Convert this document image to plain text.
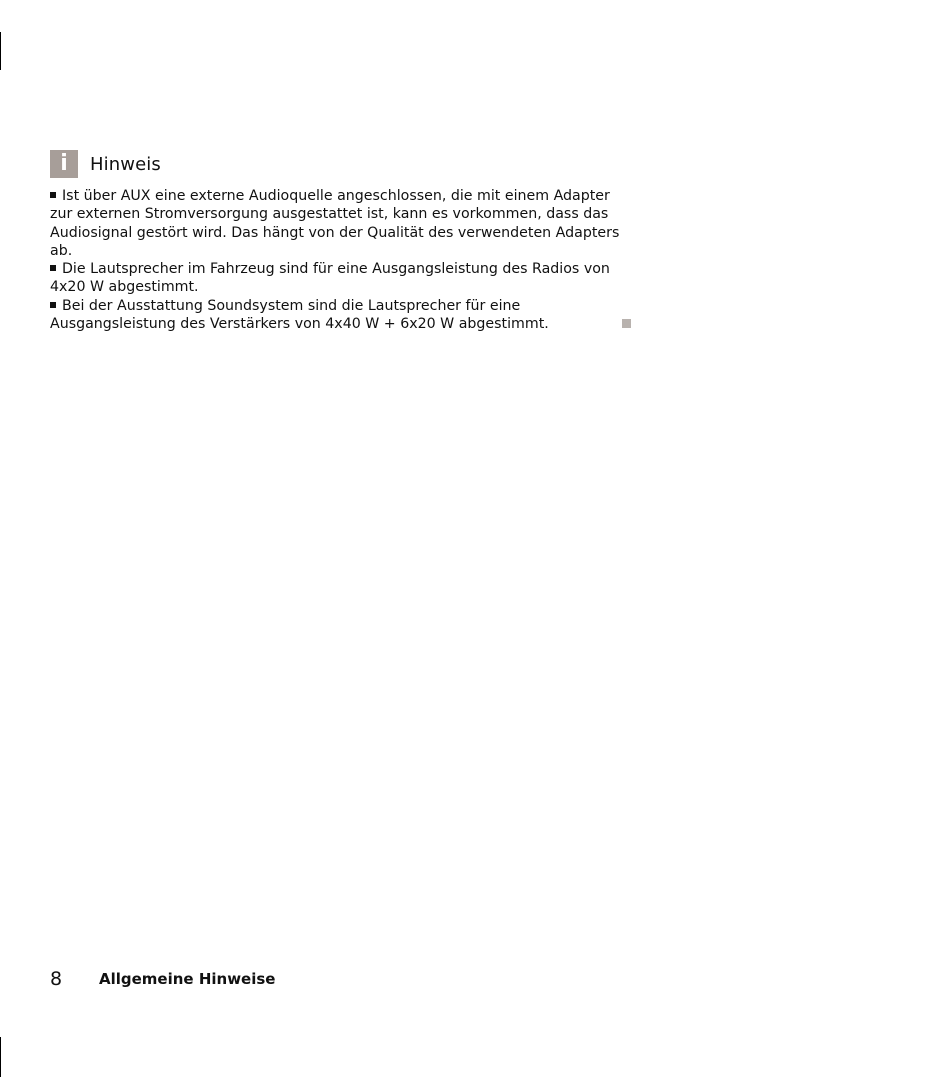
i	Hinweis

Ist über AUX eine externe Audioquelle angeschlossen, die mit einem Adapter zur externen Stromversorgung ausgestattet ist, kann es vorkommen, dass das Audiosignal gestört wird. Das hängt von der Qualität des verwendeten Adapters ab.

Die Lautsprecher im Fahrzeug sind für eine Ausgangsleistung des Radios von 4x20 W abgestimmt.

Bei der Ausstattung Soundsystem sind die Lautsprecher für eine Ausgangsleistung des Verstärkers von 4x40 W + 6x20 W abgestimmt.

8	Allgemeine Hinweise
